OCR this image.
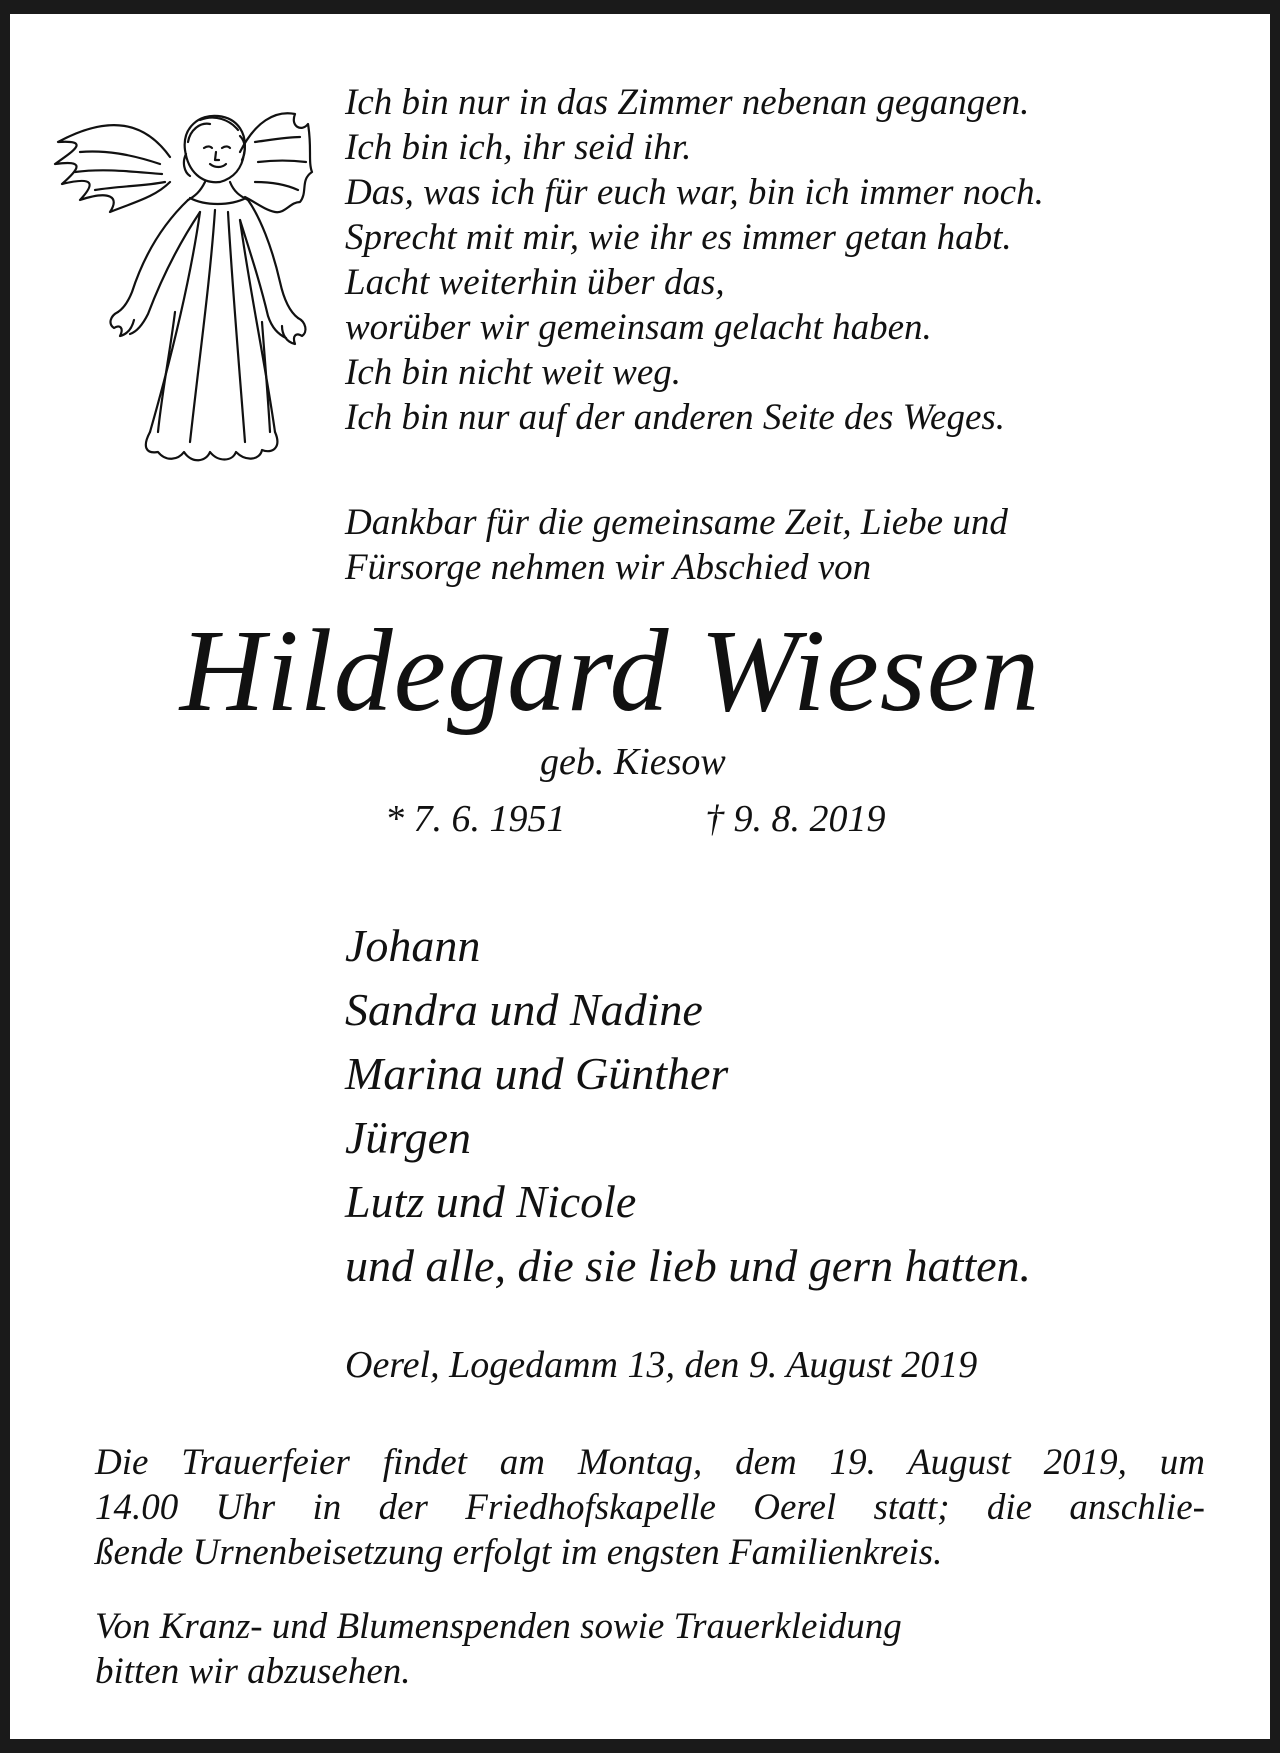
Ich bin nur in das Zimmer nebenan gegangen.
Ich bin ich, ihr seid ihr.
Das, was ich für euch war, bin ich immer noch.
Sprecht mit mir, wie ihr es immer getan habt.
Lacht weiterhin über das,
worüber wir gemeinsam gelacht haben.
Ich bin nicht weit weg.
Ich bin nur auf der anderen Seite des Weges.
Dankbar für die gemeinsame Zeit, Liebe und
Fürsorge nehmen wir Abschied von
Hildegard Wiesen
geb. Kiesow
* 7. 6. 1951	† 9. 8. 2019
Johann
Sandra und Nadine
Marina und Günther
Jürgen
Lutz und Nicole
und alle, die sie lieb und gern hatten.
Oerel, Logedamm 13, den 9. August 2019
Die Trauerfeier findet am Montag, dem 19. August 2019, um
14.00 Uhr in der Friedhofskapelle Oerel statt; die anschlie-
ßende Urnenbeisetzung erfolgt im engsten Familienkreis.
Von Kranz- und Blumenspenden sowie Trauerkleidung
bitten wir abzusehen.
